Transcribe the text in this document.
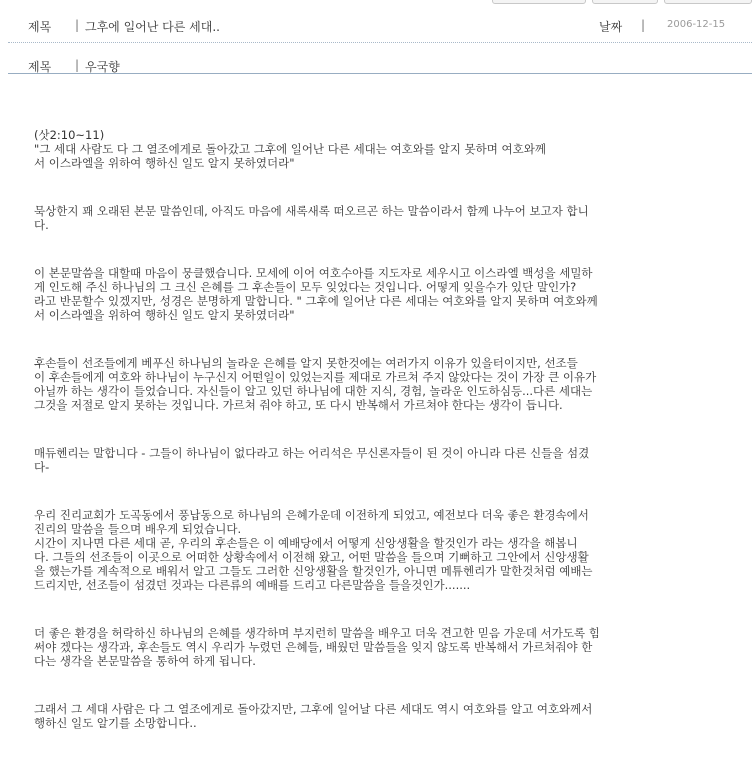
제목 | 그후에 일어난 다른 세대..	날짜 | 2006-12-15
제목 | 우국향
(삿2:10~11)
"그 세대 사람도 다 그 열조에게로 돌아갔고 그후에 일어난 다른 세대는 여호와를 알지 못하며 여호와께
서 이스라엘을 위하여 행하신 일도 알지 못하였더라"
묵상한지 꽤 오래된 본문 말씀인데, 아직도 마음에 새록새록 떠오르곤 하는 말씀이라서 함께 나누어 보고자 합니
다.
이 본문말씀을 대할때 마음이 뭉클했습니다. 모세에 이어 여호수아를 지도자로 세우시고 이스라엘 백성을 세밀하
게 인도해 주신 하나님의 그 크신 은혜를 그 후손들이 모두 잊었다는 것입니다. 어떻게 잊을수가 있단 말인가?
라고 반문할수 있겠지만, 성경은 분명하게 말합니다. " 그후에 일어난 다른 세대는 여호와를 알지 못하며 여호와께
서 이스라엘을 위하여 행하신 일도 알지 못하였더라"
후손들이 선조들에게 베푸신 하나님의 놀라운 은혜를 알지 못한것에는 여러가지 이유가 있을터이지만, 선조들
이 후손들에게 여호와 하나님이 누구신지 어떤일이 있었는지를 제대로 가르쳐 주지 않았다는 것이 가장 큰 이유가
아닐까 하는 생각이 들었습니다. 자신들이 알고 있던 하나님에 대한 지식, 경험, 놀라운 인도하심등...다른 세대는
그것을 저절로 알지 못하는 것입니다. 가르쳐 줘야 하고, 또 다시 반복해서 가르쳐야 한다는 생각이 듭니다.
매듀헨리는 말합니다 - 그들이 하나님이 없다라고 하는 어리석은 무신론자들이 된 것이 아니라 다른 신들을 섬겼
다-
우리 진리교회가 도곡동에서 풍납동으로 하나님의 은혜가운데 이전하게 되었고, 예전보다 더욱 좋은 환경속에서
진리의 말씀을 들으며 배우게 되었습니다.
시간이 지나면 다른 세대 곧, 우리의 후손들은 이 예배당에서 어떻게 신앙생활을 할것인가 라는 생각을 해봅니
다. 그들의 선조들이 이곳으로 어떠한 상황속에서 이전해 왔고, 어떤 말씀을 들으며 기뻐하고 그안에서 신앙생활
을 했는가를 계속적으로 배워서 알고 그들도 그러한 신앙생활을 할것인가, 아니면 메튜헨리가 말한것처럼 예배는
드리지만, 선조들이 섬겼던 것과는 다른류의 예배를 드리고 다른말씀을 들을것인가.......
더 좋은 환경을 허락하신 하나님의 은혜를 생각하며 부지런히 말씀을 배우고 더욱 견고한 믿음 가운데 서가도록 힘
써야 겠다는 생각과, 후손들도 역시 우리가 누렸던 은혜들, 배웠던 말씀들을 잊지 않도록 반복해서 가르쳐줘야 한
다는 생각을 본문말씀을 통하여 하게 됩니다.
그래서 그 세대 사람은 다 그 열조에게로 돌아갔지만, 그후에 일어날 다른 세대도 역시 여호와를 알고 여호와께서
행하신 일도 알기를 소망합니다..
